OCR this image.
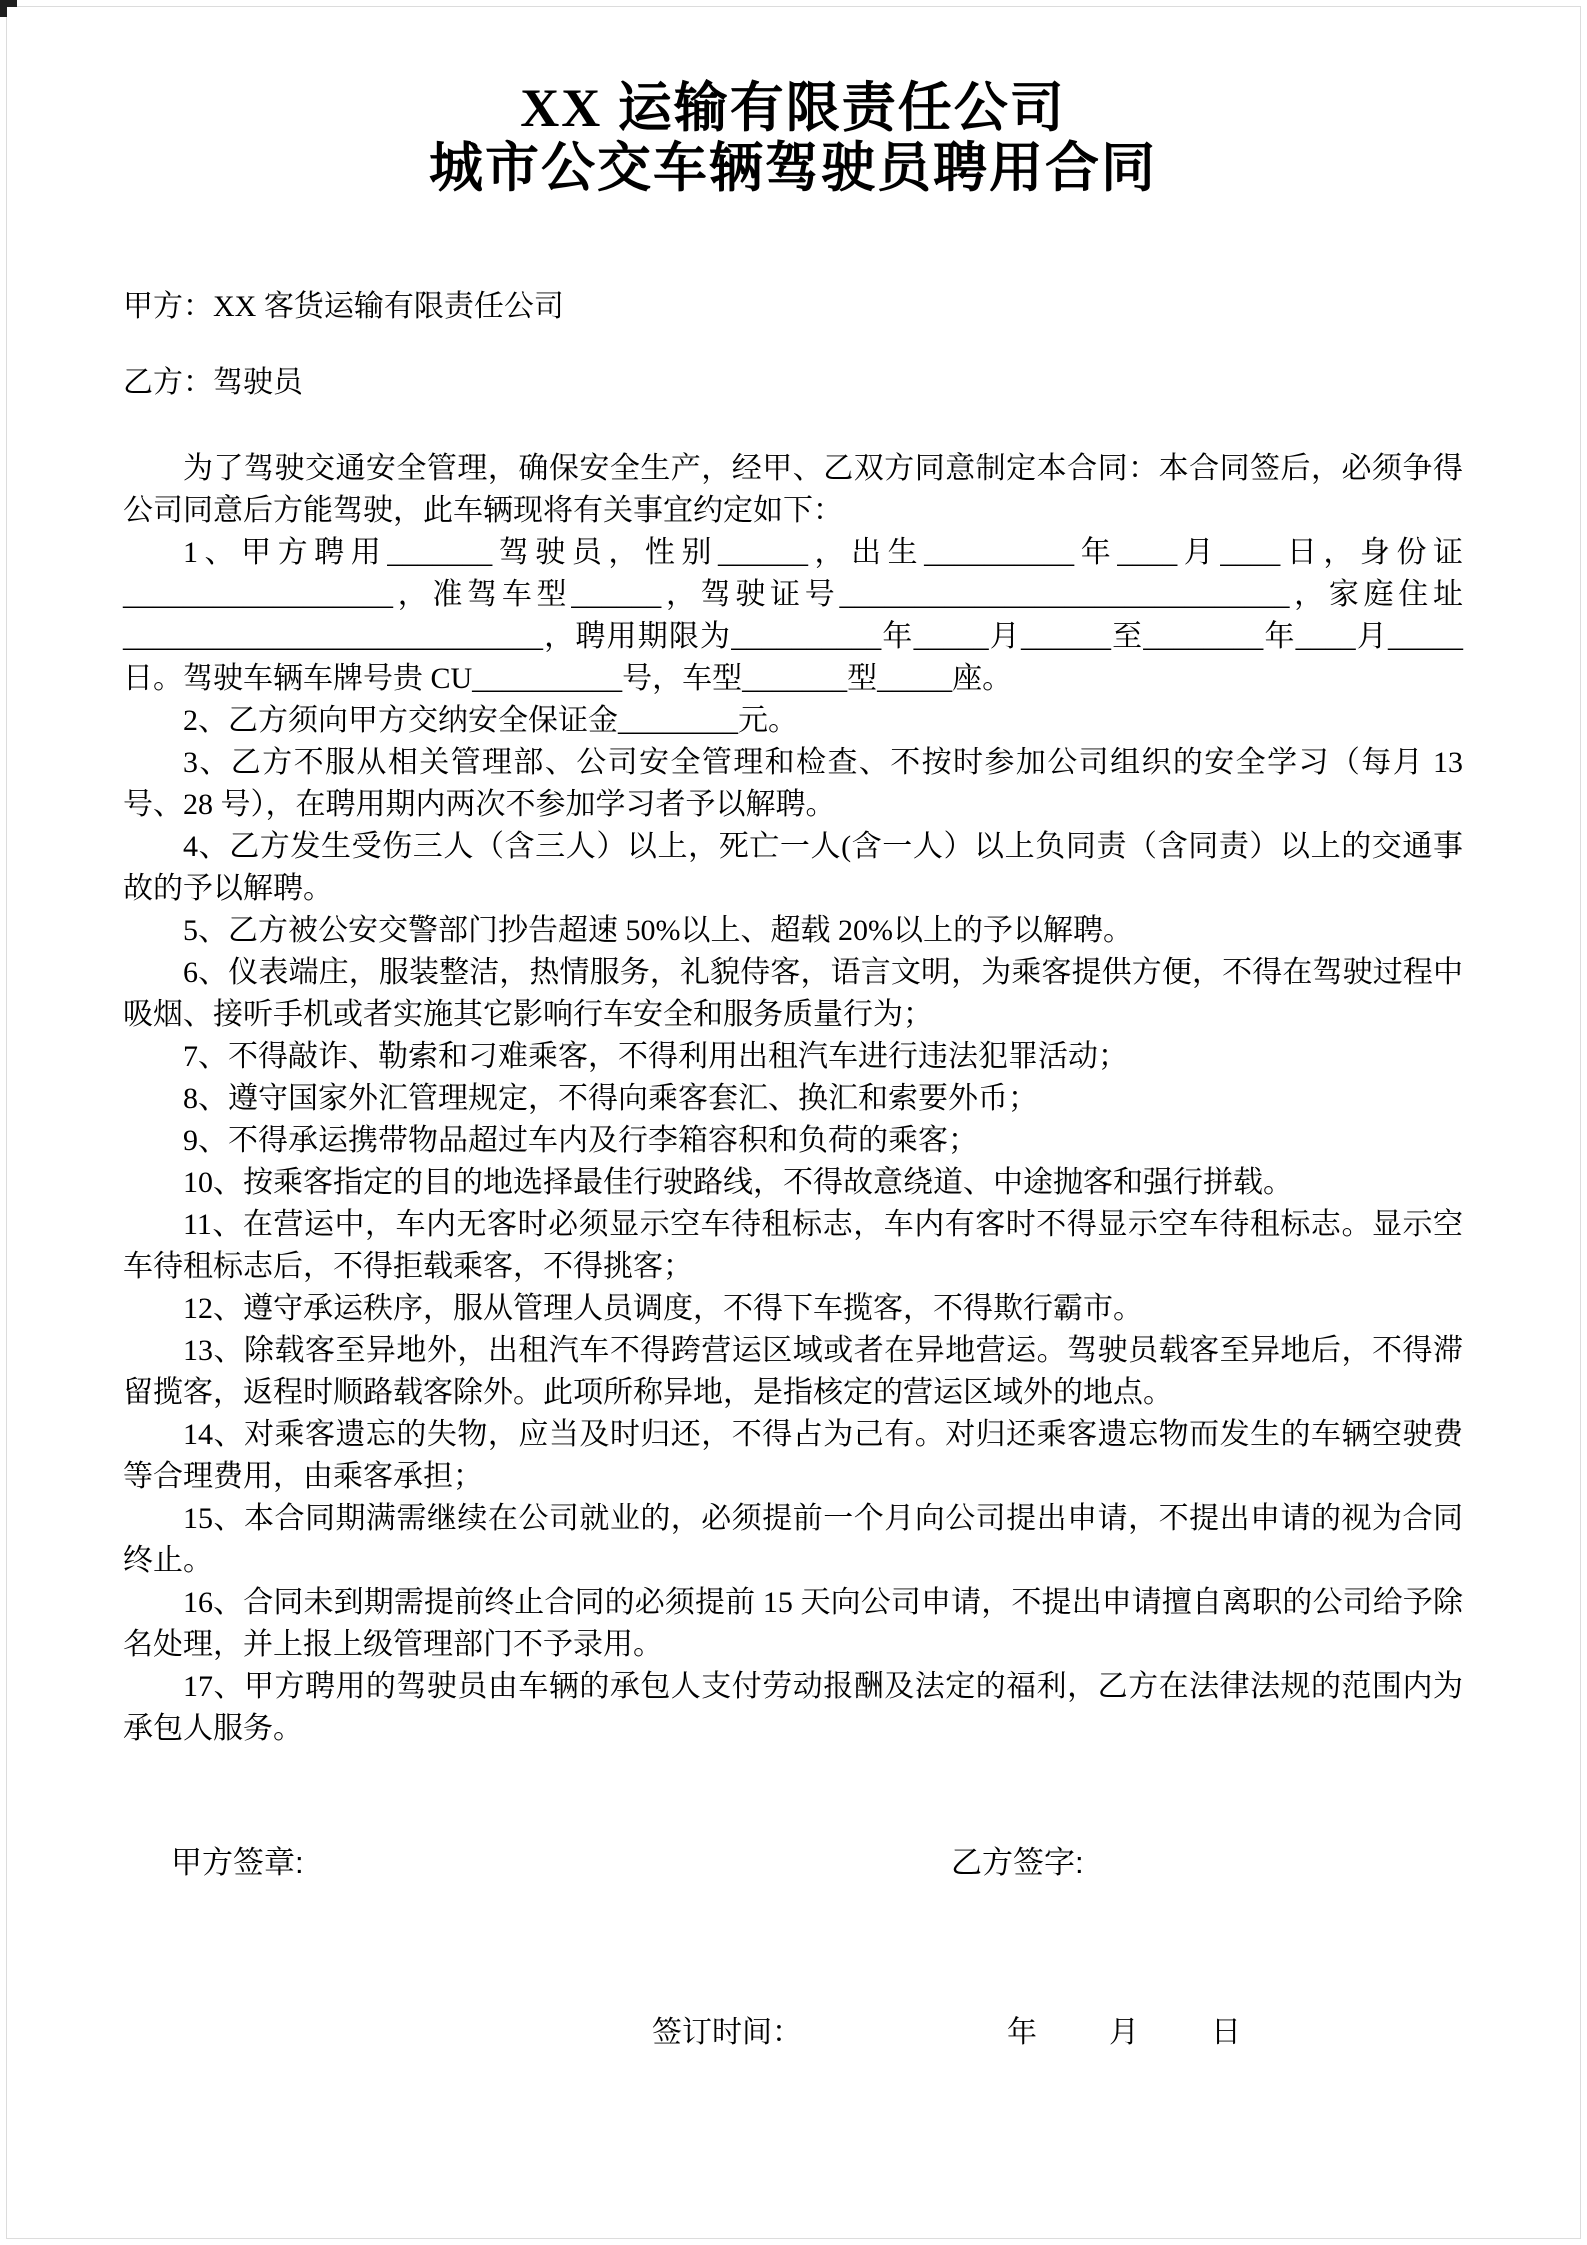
XX 运输有限责任公司
城市公交车辆驾驶员聘用合同

甲方：XX 客货运输有限责任公司

乙方：驾驶员

为了驾驶交通安全管理，确保安全生产，经甲、乙双方同意制定本合同：本合同签后，必须争得公司同意后方能驾驶，此车辆现将有关事宜约定如下：

1、甲方聘用_______驾驶员，性别______，出生__________年____月____日，身份证__________________，准驾车型______，驾驶证号______________________________，家庭住址 ____________________________，聘用期限为__________年_____月______至________年____月_____日。驾驶车辆车牌号贵 CU__________号，车型_______型_____座。

2、乙方须向甲方交纳安全保证金________元。

3、乙方不服从相关管理部、公司安全管理和检查、不按时参加公司组织的安全学习（每月 13 号、28 号），在聘用期内两次不参加学习者予以解聘。

4、乙方发生受伤三人（含三人）以上，死亡一人(含一人）以上负同责（含同责）以上的交通事故的予以解聘。

5、乙方被公安交警部门抄告超速 50%以上、超载 20%以上的予以解聘。

6、仪表端庄，服装整洁，热情服务，礼貌侍客，语言文明，为乘客提供方便，不得在驾驶过程中吸烟、接听手机或者实施其它影响行车安全和服务质量行为；

7、不得敲诈、勒索和刁难乘客，不得利用出租汽车进行违法犯罪活动；

8、遵守国家外汇管理规定，不得向乘客套汇、换汇和索要外币；

9、不得承运携带物品超过车内及行李箱容积和负荷的乘客；

10、按乘客指定的目的地选择最佳行驶路线，不得故意绕道、中途抛客和强行拼载。

11、在营运中，车内无客时必须显示空车待租标志，车内有客时不得显示空车待租标志。显示空车待租标志后，不得拒载乘客，不得挑客；

12、遵守承运秩序，服从管理人员调度，不得下车揽客，不得欺行霸市。

13、除载客至异地外，出租汽车不得跨营运区域或者在异地营运。驾驶员载客至异地后，不得滞留揽客，返程时顺路载客除外。此项所称异地，是指核定的营运区域外的地点。

14、对乘客遗忘的失物，应当及时归还，不得占为己有。对归还乘客遗忘物而发生的车辆空驶费等合理费用，由乘客承担；

15、本合同期满需继续在公司就业的，必须提前一个月向公司提出申请，不提出申请的视为合同终止。

16、合同未到期需提前终止合同的必须提前 15 天向公司申请，不提出申请擅自离职的公司给予除名处理，并上报上级管理部门不予录用。

17、甲方聘用的驾驶员由车辆的承包人支付劳动报酬及法定的福利，乙方在法律法规的范围内为承包人服务。

甲方签章:	乙方签字:
签订时间：	年 月 日
